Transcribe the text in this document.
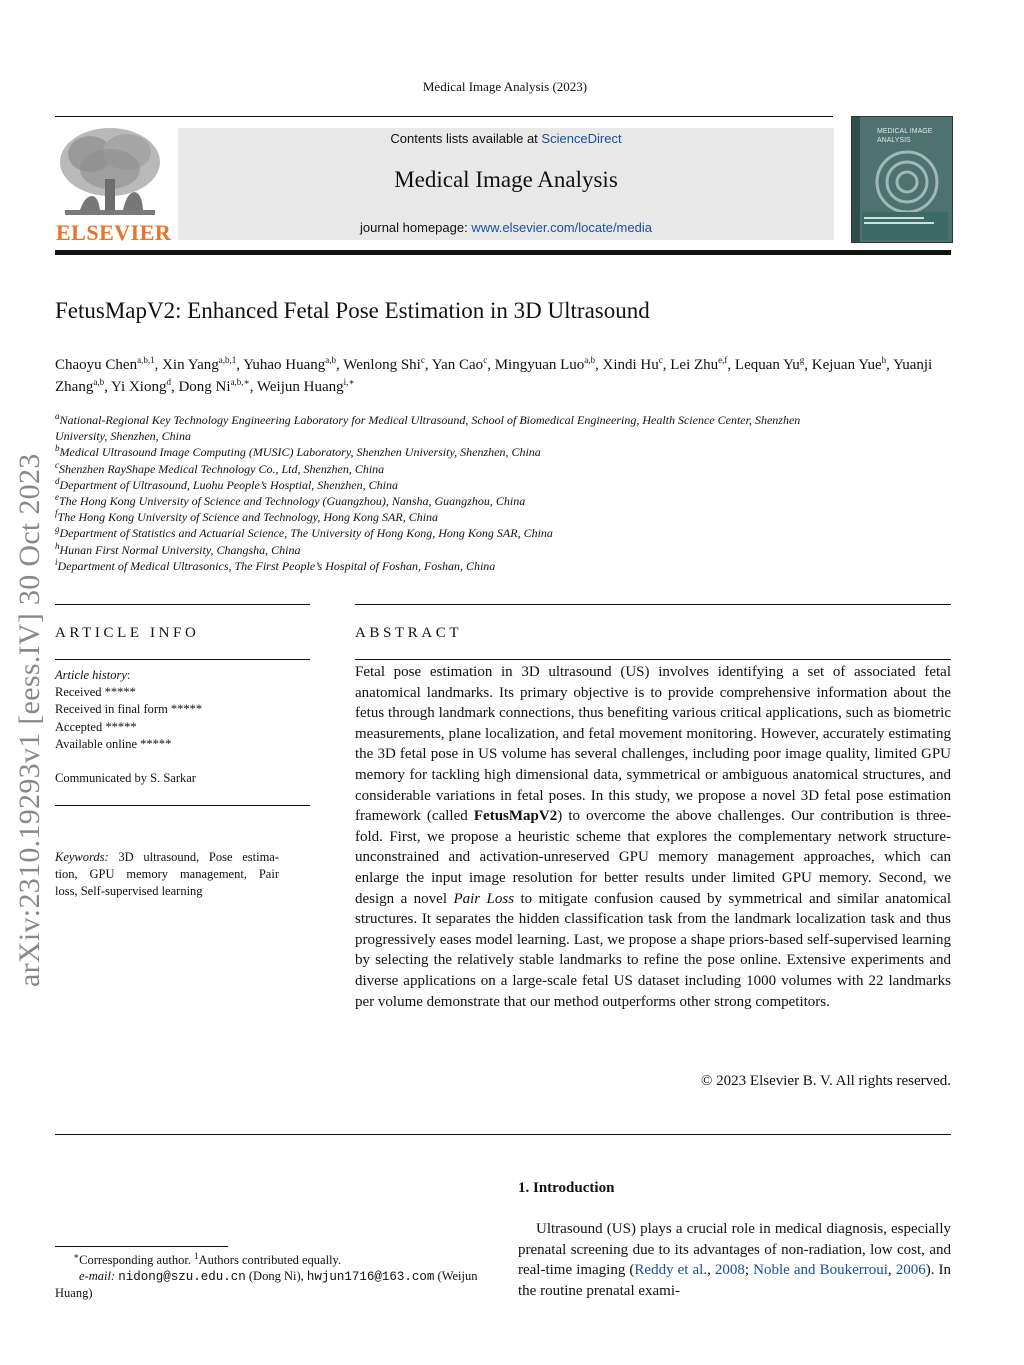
Medical Image Analysis (2023)
ELSEVIER
Contents lists available at ScienceDirect
Medical Image Analysis
journal homepage: www.elsevier.com/locate/media
MEDICAL IMAGE ANALYSIS
arXiv:2310.19293v1 [eess.IV] 30 Oct 2023
FetusMapV2: Enhanced Fetal Pose Estimation in 3D Ultrasound
Chaoyu Chen$^{a,b,1}$, Xin Yang$^{a,b,1}$, Yuhao Huang$^{a,b}$, Wenlong Shi$^c$, Yan Cao$^c$, Mingyuan Luo$^{a,b}$, Xindi Hu$^c$, Lei Zhu$^{e,f}$, Lequan Yu$^g$, Kejuan Yue$^h$, Yuanji Zhang$^{a,b}$, Yi Xiong$^d$, Dong $Ni^{a,b,∗}$, Weijun Huang$^{i,∗}$
$^a$National-Regional Key Technology Engineering Laboratory for Medical Ultrasound, School of Biomedical Engineering, Health Science Center, Shenzhen
University, Shenzhen, China
$^b$Medical Ultrasound Image Computing (MUSIC) Laboratory, Shenzhen University, Shenzhen, China
$^c$Shenzhen RayShape Medical Technology Co., Ltd, Shenzhen, China
$^d$Department of Ultrasound, Luohu People’s Hosptial, Shenzhen, China
$^e$The Hong Kong University of Science and Technology (Guangzhou), Nansha, Guangzhou, China
$^f$The Hong Kong University of Science and Technology, Hong Kong SAR, China
$^g$Department of Statistics and Actuarial Science, The University of Hong Kong, Hong Kong SAR, China
$^h$Hunan First Normal University, Changsha, China
$^i$Department of Medical Ultrasonics, The First People’s Hospital of Foshan, Foshan, China
ARTICLE INFO
Article history:
Received *****
Received in final form *****
Accepted *****
Available online *****
Communicated by S. Sarkar
Keywords: 3D ultrasound, Pose estima-
tion, GPU memory management, Pair
loss, Self-supervised learning
ABSTRACT
Fetal pose estimation in 3D ultrasound (US) involves identifying a set of associated fetal anatomical landmarks. Its primary objective is to provide comprehensive information about the fetus through landmark connections, thus benefiting various critical applications, such as biometric measurements, plane localization, and fetal movement monitoring. However, accurately estimating the 3D fetal pose in US volume has several challenges, including poor image quality, limited GPU memory for tackling high dimensional data, symmetrical or ambiguous anatomical structures, and considerable variations in fetal poses. In this study, we propose a novel 3D fetal pose estimation framework (called FetusMapV2) to overcome the above challenges. Our contribution is three-fold. First, we propose a heuristic scheme that explores the complementary network structure-unconstrained and activation-unreserved GPU memory management approaches, which can enlarge the input image resolution for better results under limited GPU memory. Second, we design a novel Pair Loss to mitigate confusion caused by symmetrical and similar anatomical structures. It separates the hidden classification task from the landmark localization task and thus progressively eases model learning. Last, we propose a shape priors-based self-supervised learning by selecting the relatively stable landmarks to refine the pose online. Extensive experiments and diverse applications on a large-scale fetal US dataset including 1000 volumes with 22 landmarks per volume demonstrate that our method outperforms other strong competitors.
© 2023 Elsevier B. V. All rights reserved.
1. Introduction
Ultrasound (US) plays a crucial role in medical diagnosis, especially prenatal screening due to its advantages of non-radiation, low cost, and real-time imaging (Reddy et al., 2008; Noble and Boukerroui, 2006). In the routine prenatal exami-
∗Corresponding author. $^1$Authors contributed equally.
e-mail: nidong@szu.edu.cn (Dong Ni), hwjun1716@163.com (Weijun
Huang)
